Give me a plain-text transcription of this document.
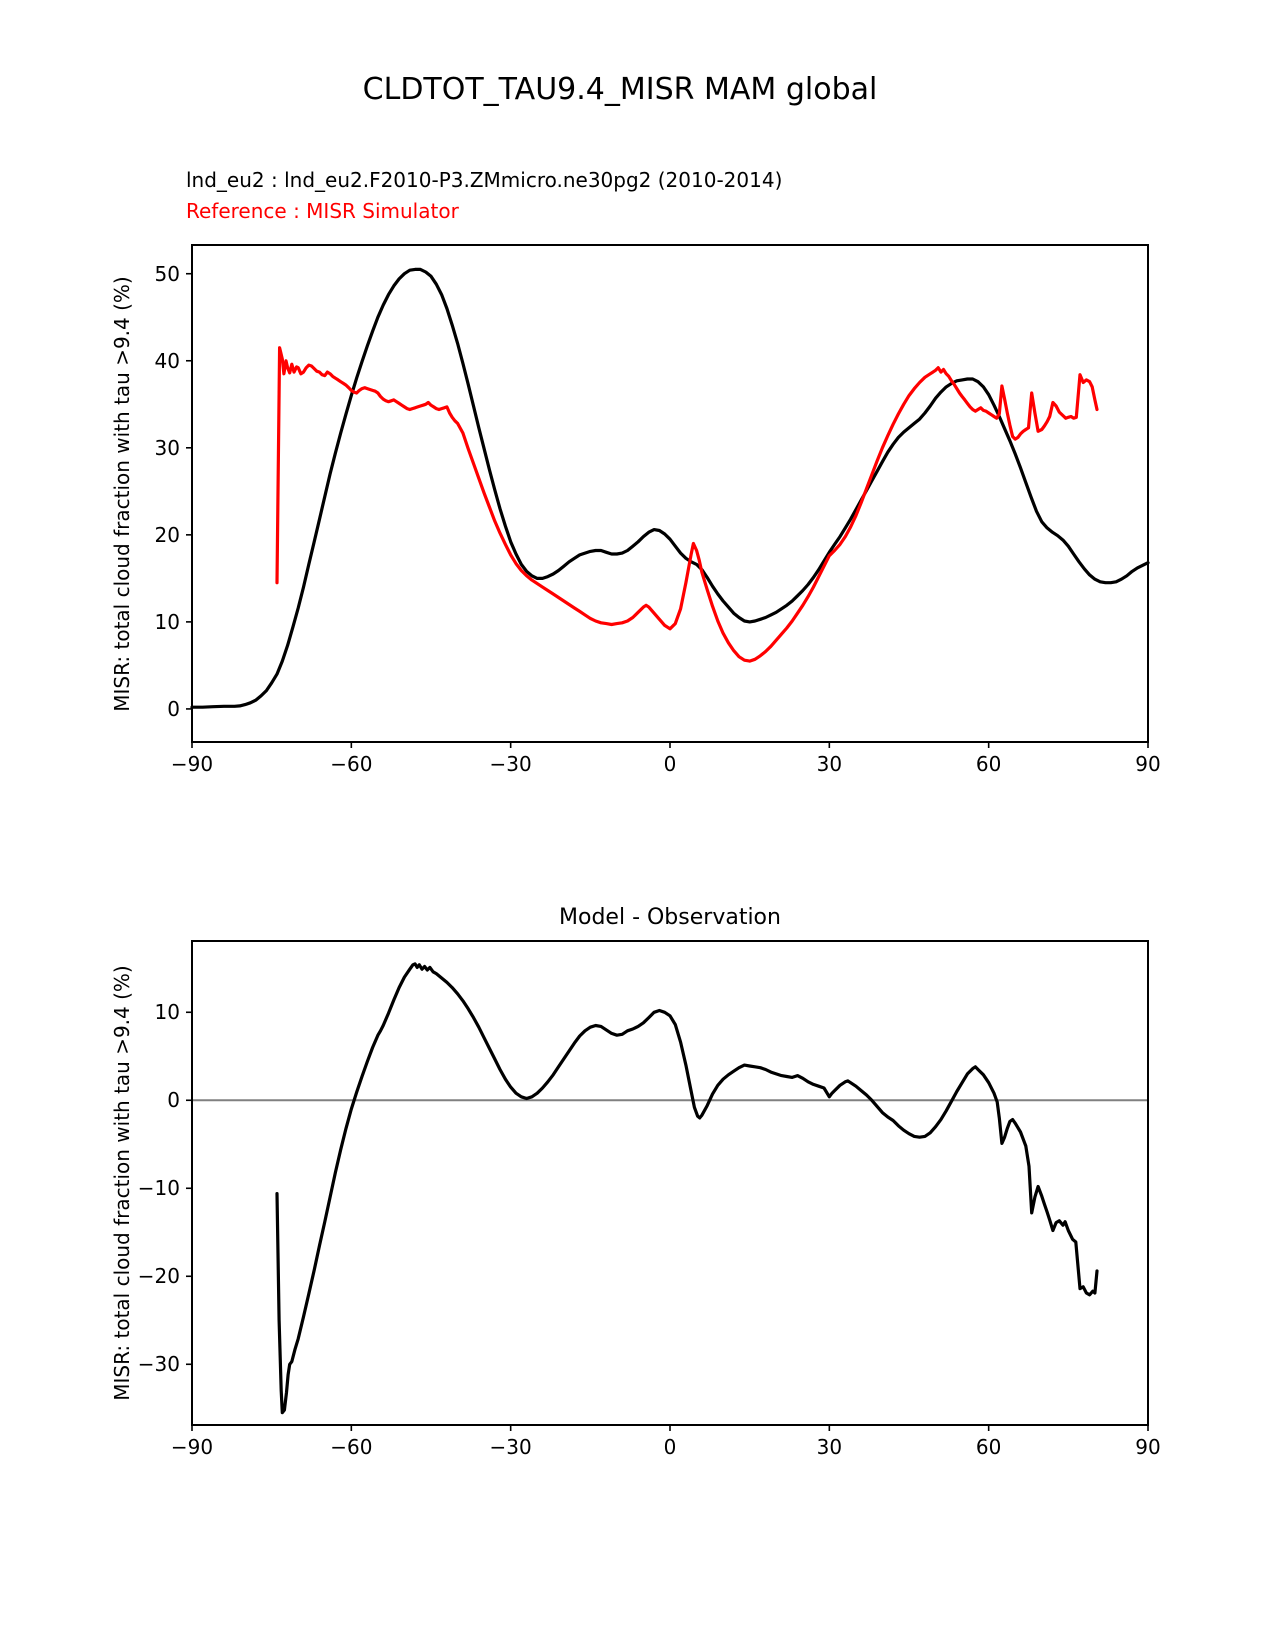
CLDTOT_TAU9.4_MISR MAM global
lnd_eu2 : lnd_eu2.F2010-P3.ZMmicro.ne30pg2 (2010-2014)
Reference : MISR Simulator
MISR: total cloud fraction with tau >9.4 (%)
Model - Observation
MISR: total cloud fraction with tau >9.4 (%)
−90	−60	−30	0	30	60	90
0
10
20
30
40
50
−90	−60	−30	0	30	60	90
10
0
−10
−20
−30
